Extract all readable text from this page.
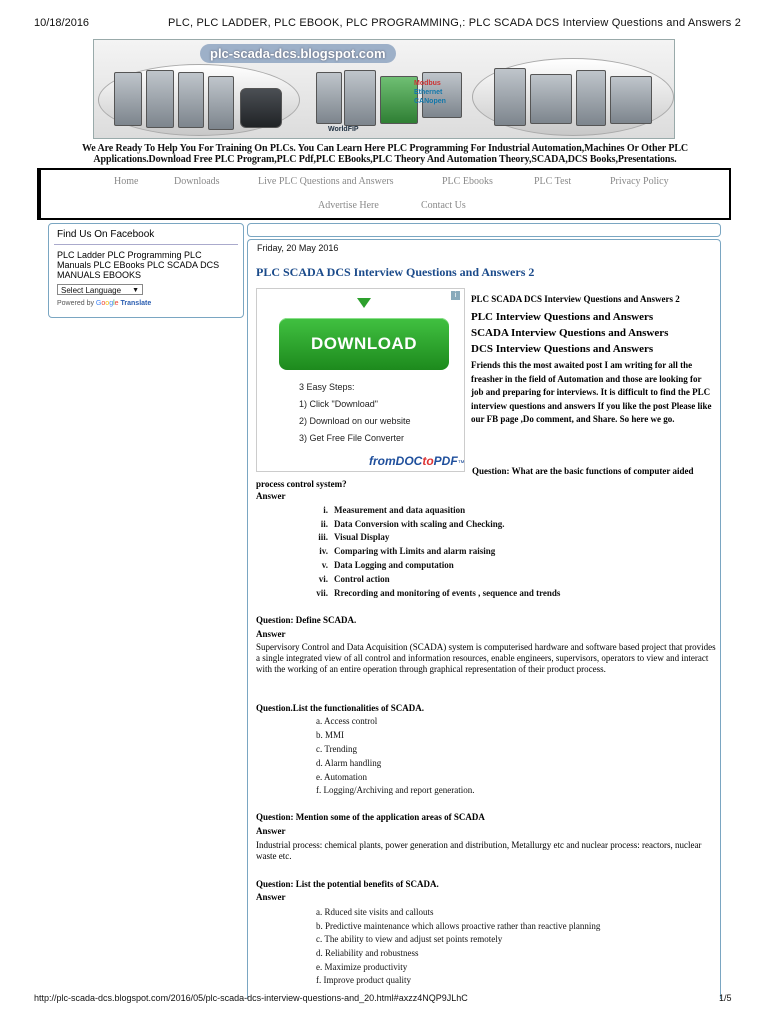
10/18/2016	PLC, PLC LADDER, PLC EBOOK, PLC PROGRAMMING,: PLC SCADA DCS Interview Questions and Answers 2
plc-scada-dcs.blogspot.com
WorldFIP
Modbus
Ethernet
CANopen
We Are Ready To Help You For Training On PLCs. You Can Learn Here PLC Programming For Industrial Automation,Machines Or Other PLC Applications.Download Free PLC Program,PLC Pdf,PLC EBooks,PLC Theory And Automation Theory,SCADA,DCS Books,Presentations.
Home	Downloads	Live PLC Questions and Answers	PLC Ebooks	PLC Test	Privacy Policy
Advertise Here	Contact Us
Find Us On Facebook
PLC Ladder PLC Programming PLC Manuals PLC EBooks PLC SCADA DCS MANUALS EBOOKS
Select Language ▼
Powered by Google Translate
Friday, 20 May 2016
PLC SCADA DCS Interview Questions and Answers 2
i
DOWNLOAD
3 Easy Steps:
1) Click "Download"
2) Download on our website
3) Get Free File Converter
fromDOCtoPDF™
PLC SCADA DCS Interview Questions and Answers 2
PLC Interview Questions and Answers
SCADA Interview Questions and Answers
DCS Interview Questions and Answers
Friends this the most awaited post I am writing for all the freasher in the field of Automation and those are looking for job and preparing for interviews. It is difficult to find the PLC interview questions and answers If you like the post Please like our FB page ,Do comment, and Share. So here we go.
Question: What are the basic functions of computer aided process control system?
Answer
i. Measurement and data aquasition
ii. Data Conversion with scaling and Checking.
iii. Visual Display
iv. Comparing with Limits and alarm raising
v. Data Logging and computation
vi. Control action
vii. Rrecording and monitoring of events , sequence and trends
Question: Define SCADA.
Answer
Supervisory Control and Data Acquisition (SCADA) system is computerised hardware and software based project that provides a single integrated view of all control and information resources, enable engineers, supervisors, operators to view and interact with the working of an entire operation through graphical representation of their product process.
Question.List the functionalities of SCADA.
a. Access control
b. MMI
c. Trending
d. Alarm handling
e. Automation
f. Logging/Archiving and report generation.
Question: Mention some of the application areas of SCADA
Answer
Industrial process: chemical plants, power generation and distribution, Metallurgy etc and nuclear process: reactors, nuclear waste etc.
Question: List the potential benefits of SCADA.
Answer
a. Rduced site visits and callouts
b. Predictive maintenance which allows proactive rather than reactive planning
c. The ability to view and adjust set points remotely
d. Reliability and robustness
e. Maximize productivity
f. Improve product quality
http://plc-scada-dcs.blogspot.com/2016/05/plc-scada-dcs-interview-questions-and_20.html#axzz4NQP9JLhC	1/5
